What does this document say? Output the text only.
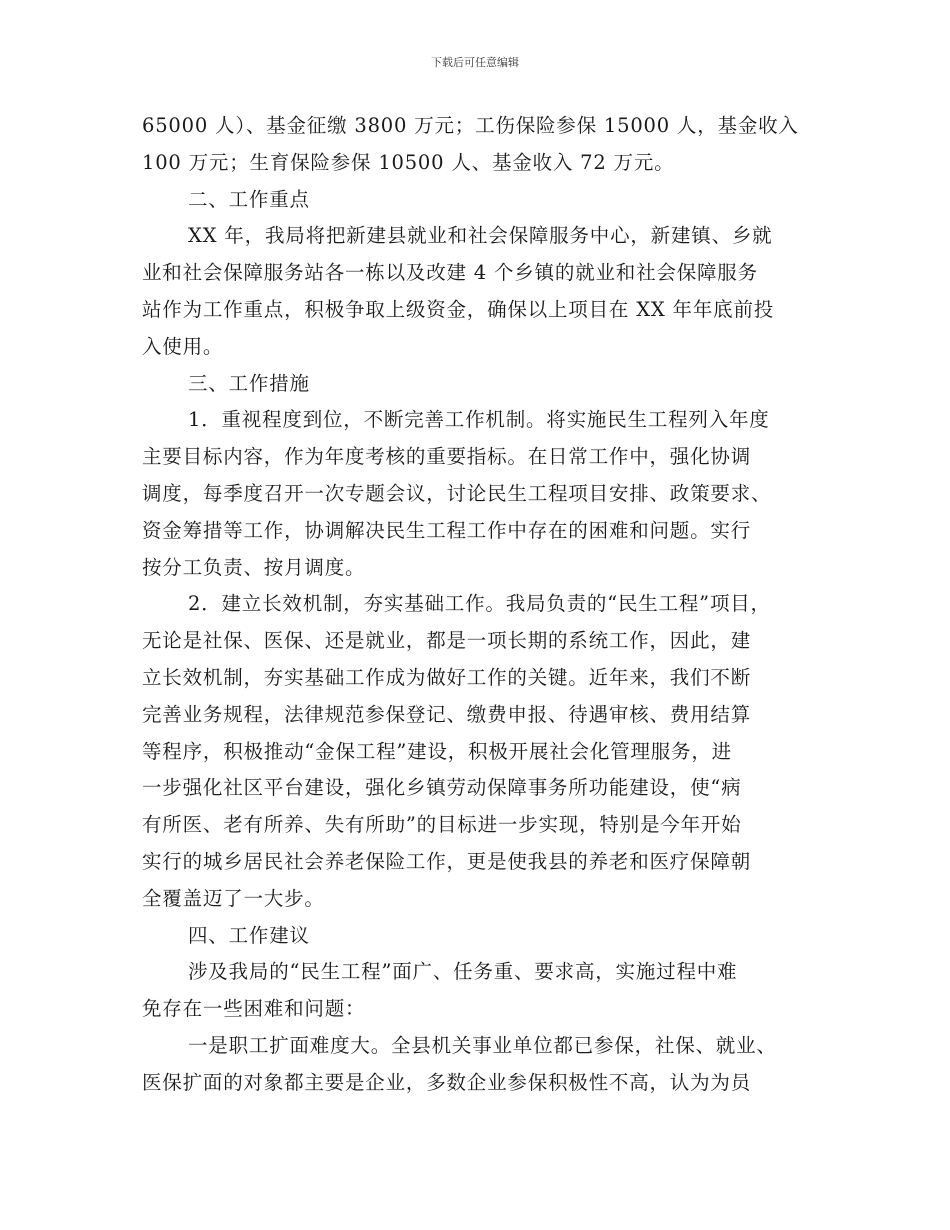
下载后可任意编辑
65000 人）、基金征缴 3800 万元；工伤保险参保 15000 人，基金收入
100 万元；生育保险参保 10500 人、基金收入 72 万元。
二、工作重点
XX 年，我局将把新建县就业和社会保障服务中心，新建镇、乡就
业和社会保障服务站各一栋以及改建 4 个乡镇的就业和社会保障服务
站作为工作重点，积极争取上级资金，确保以上项目在 XX 年年底前投
入使用。
三、工作措施
1．重视程度到位，不断完善工作机制。将实施民生工程列入年度
主要目标内容，作为年度考核的重要指标。在日常工作中，强化协调
调度，每季度召开一次专题会议，讨论民生工程项目安排、政策要求、
资金筹措等工作，协调解决民生工程工作中存在的困难和问题。实行
按分工负责、按月调度。
2．建立长效机制，夯实基础工作。我局负责的“民生工程”项目，
无论是社保、医保、还是就业，都是一项长期的系统工作，因此，建
立长效机制，夯实基础工作成为做好工作的关键。近年来，我们不断
完善业务规程，法律规范参保登记、缴费申报、待遇审核、费用结算
等程序，积极推动“金保工程”建设，积极开展社会化管理服务，进
一步强化社区平台建设，强化乡镇劳动保障事务所功能建设，使“病
有所医、老有所养、失有所助”的目标进一步实现，特别是今年开始
实行的城乡居民社会养老保险工作，更是使我县的养老和医疗保障朝
全覆盖迈了一大步。
四、工作建议
涉及我局的“民生工程”面广、任务重、要求高，实施过程中难
免存在一些困难和问题：
一是职工扩面难度大。全县机关事业单位都已参保，社保、就业、
医保扩面的对象都主要是企业，多数企业参保积极性不高，认为为员
